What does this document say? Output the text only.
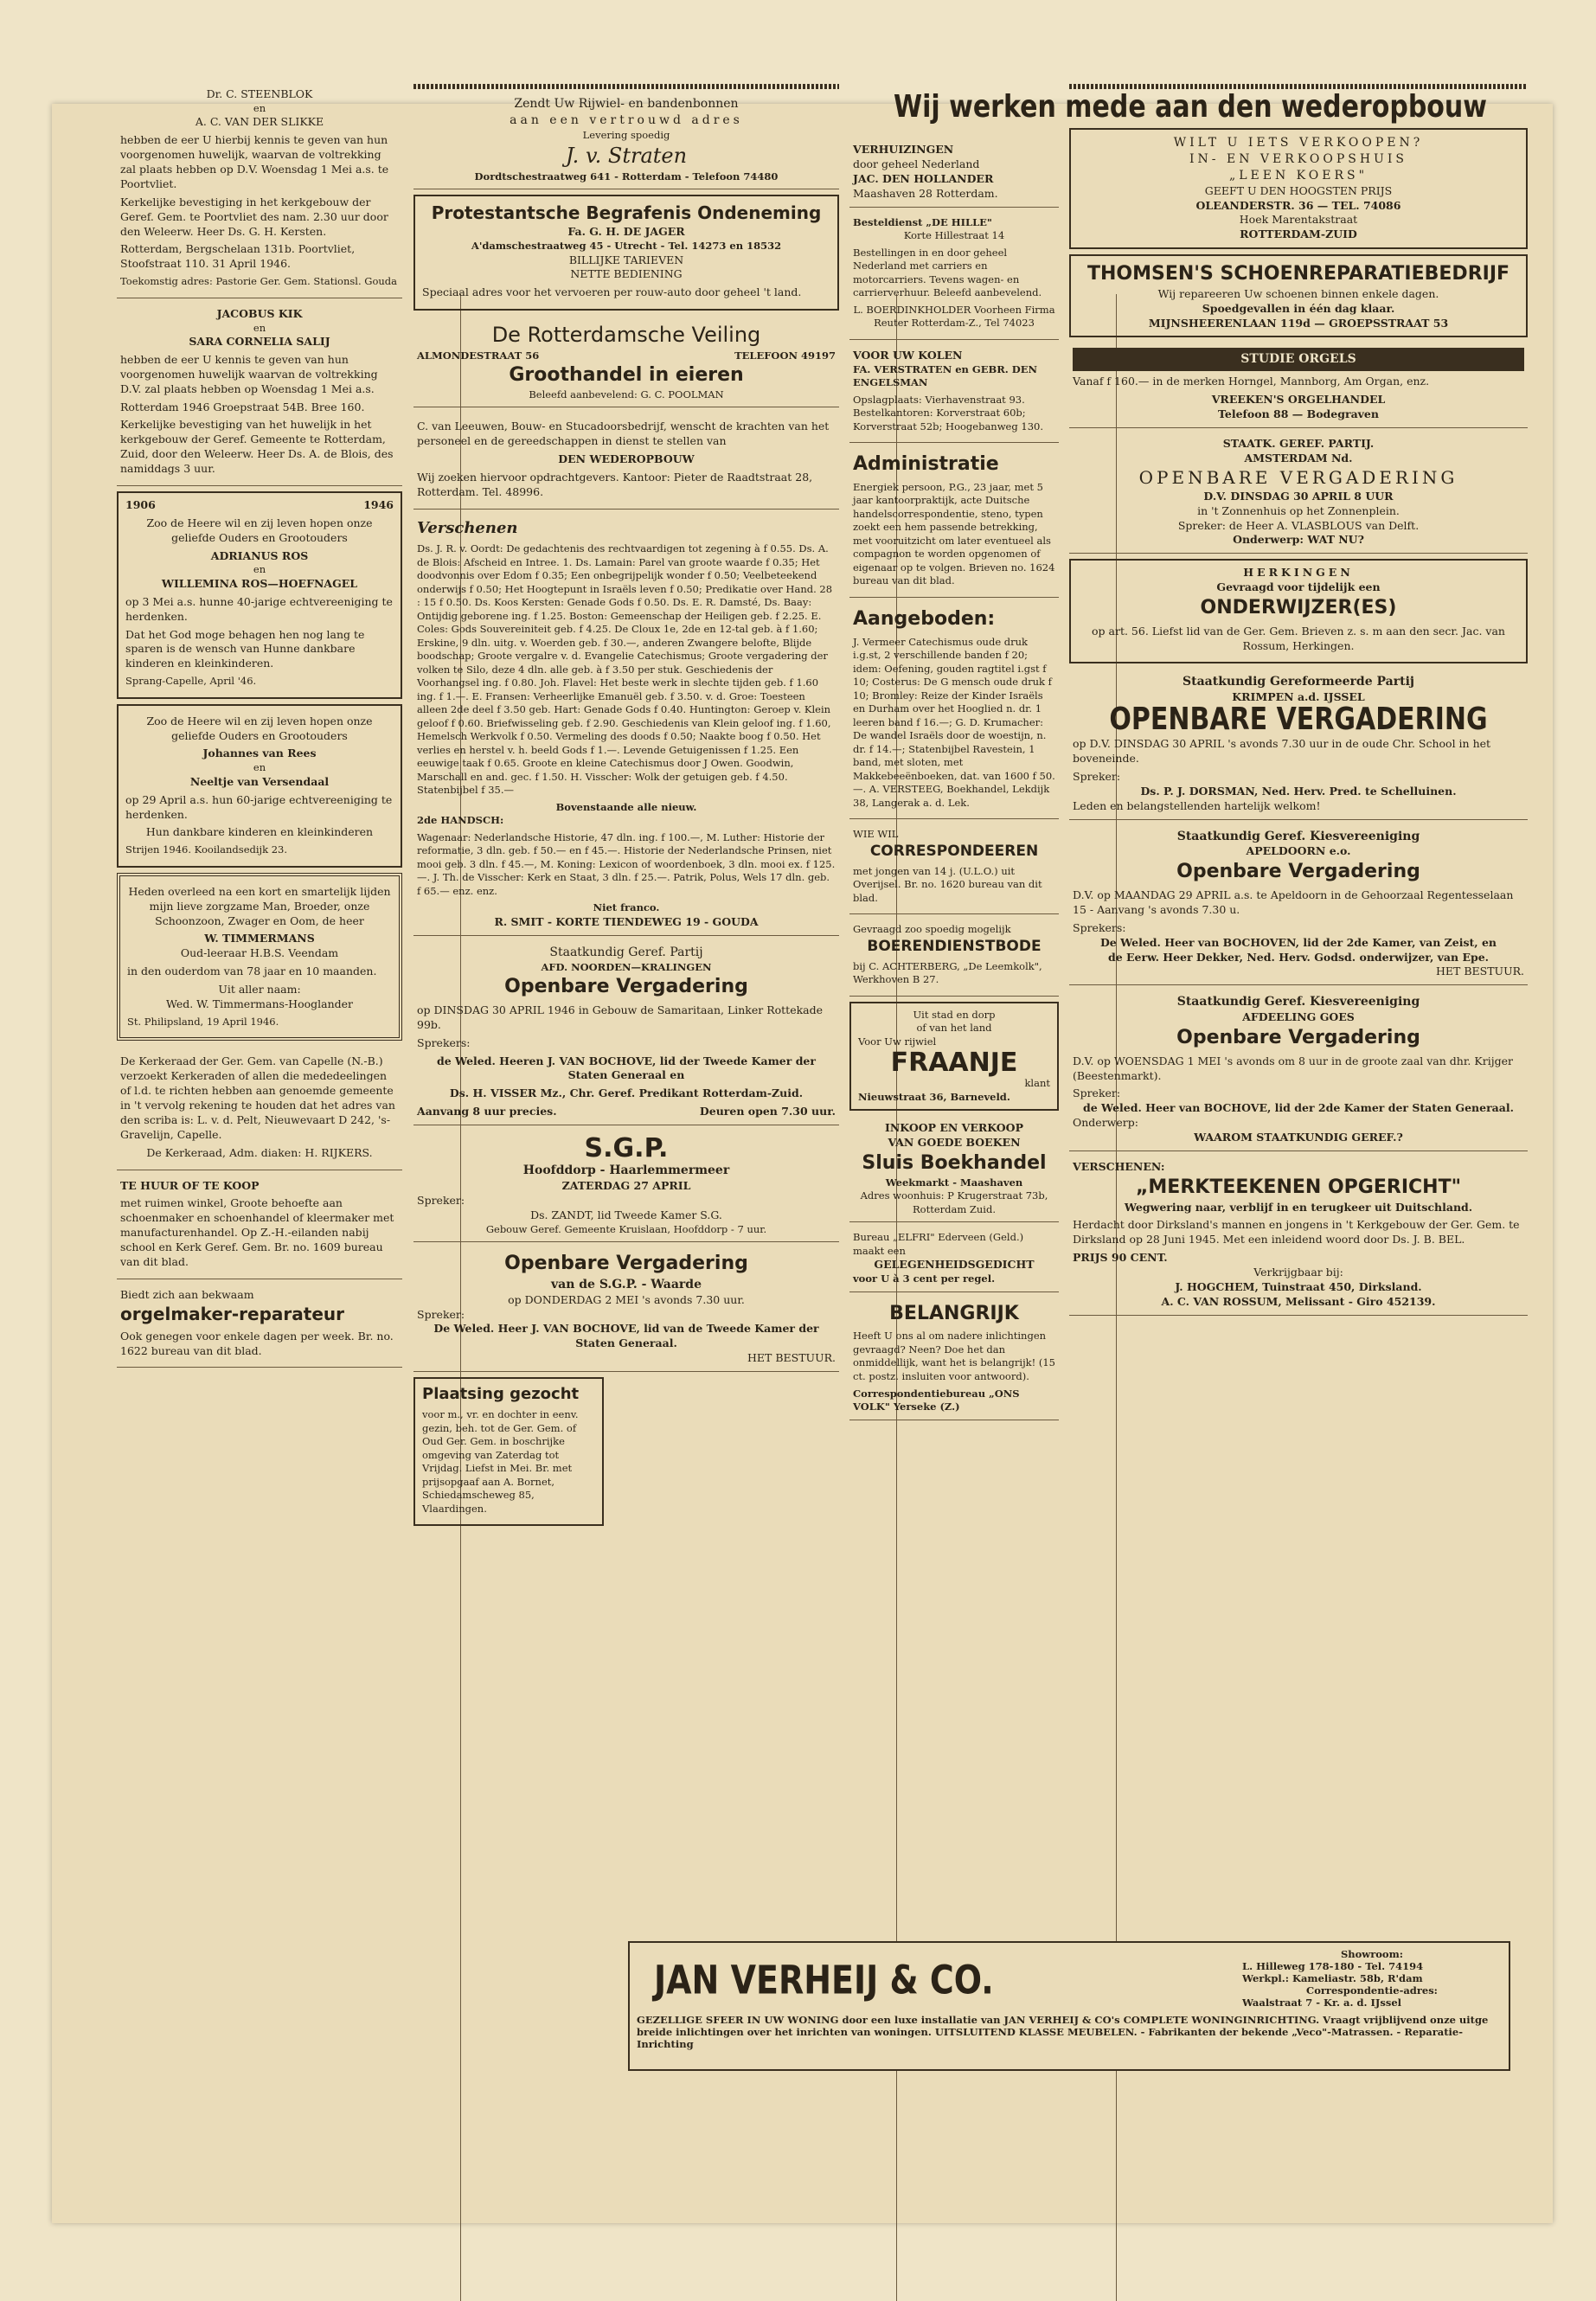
Dr. C. STEENBLOK
en
A. C. VAN DER SLIKKE

hebben de eer U hierbij kennis te geven van hun voorgenomen huwelijk, waarvan de voltrekking zal plaats hebben op D.V. Woensdag 1 Mei a.s. te Poortvliet.

Kerkelijke bevestiging in het kerkgebouw der Geref. Gem. te Poortvliet des nam. 2.30 uur door den Weleerw. Heer Ds. G. H. Kersten.

Rotterdam, Bergschelaan 131b. Poortvliet, Stoofstraat 110. 31 April 1946.

Toekomstig adres: Pastorie Ger. Gem. Stationsl. Gouda

JACOBUS KIK
en
SARA CORNELIA SALIJ

hebben de eer U kennis te geven van hun voorgenomen huwelijk waarvan de voltrekking D.V. zal plaats hebben op Woensdag 1 Mei a.s.

Rotterdam 1946 Groepstraat 54B. Bree 160.

Kerkelijke bevestiging van het huwelijk in het kerkgebouw der Geref. Gemeente te Rotterdam, Zuid, door den Weleerw. Heer Ds. A. de Blois, des namiddags 3 uur.

1906	1946

Zoo de Heere wil en zij leven hopen onze geliefde Ouders en Grootouders

ADRIANUS ROS
en
WILLEMINA ROS—HOEFNAGEL

op 3 Mei a.s. hunne 40-jarige echtvereeniging te herdenken.

Dat het God moge behagen hen nog lang te sparen is de wensch van Hunne dankbare kinderen en kleinkinderen.

Sprang-Capelle, April '46.

Zoo de Heere wil en zij leven hopen onze geliefde Ouders en Grootouders

Johannes van Rees
en
Neeltje van Versendaal

op 29 April a.s. hun 60-jarige echtvereeniging te herdenken.

Hun dankbare kinderen en kleinkinderen

Strijen 1946. Kooilandsedijk 23.

Heden overleed na een kort en smartelijk lijden mijn lieve zorgzame Man, Broeder, onze Schoonzoon, Zwager en Oom, de heer

W. TIMMERMANS
Oud-leeraar H.B.S. Veendam

in den ouderdom van 78 jaar en 10 maanden.

Uit aller naam:
Wed. W. Timmermans-Hooglander

St. Philipsland, 19 April 1946.

De Kerkeraad der Ger. Gem. van Capelle (N.-B.) verzoekt Kerkeraden of allen die mededeelingen of l.d. te richten hebben aan genoemde gemeente in 't vervolg rekening te houden dat het adres van den scriba is: L. v. d. Pelt, Nieuwevaart D 242, 's-Gravelijn, Capelle.

De Kerkeraad, Adm. diaken: H. RIJKERS.

TE HUUR OF TE KOOP

met ruimen winkel, Groote behoefte aan schoenmaker en schoenhandel of kleermaker met manufacturenhandel. Op Z.-H.-eilanden nabij school en Kerk Geref. Gem. Br. no. 1609 bureau van dit blad.

Biedt zich aan bekwaam
orgelmaker-reparateur

Ook genegen voor enkele dagen per week. Br. no. 1622 bureau van dit blad.

Zendt Uw Rijwiel- en bandenbonnen
aan een vertrouwd adres
Levering spoedig
J. v. Straten
Dordtschestraatweg 641 - Rotterdam - Telefoon 74480
Protestantsche Begrafenis Ondeneming
Fa. G. H. DE JAGER
A'damschestraatweg 45 - Utrecht - Tel. 14273 en 18532
BILLIJKE TARIEVEN
NETTE BEDIENING

Speciaal adres voor het vervoeren per rouw-auto door geheel 't land.

De Rotterdamsche Veiling
ALMONDESTRAAT 56	TELEFOON 49197
Groothandel in eieren
Beleefd aanbevelend: G. C. POOLMAN

C. van Leeuwen, Bouw- en Stucadoorsbedrijf, wenscht de krachten van het personeel en de gereedschappen in dienst te stellen van

DEN WEDEROPBOUW

Wij zoeken hiervoor opdrachtgevers. Kantoor: Pieter de Raadtstraat 28, Rotterdam. Tel. 48996.

Verschenen

Ds. J. R. v. Oordt: De gedachtenis des rechtvaardigen tot zegening à f 0.55. Ds. A. de Blois: Afscheid en Intree. 1. Ds. Lamain: Parel van groote waarde f 0.35; Het doodvonnis over Edom f 0.35; Een onbegrijpelijk wonder f 0.50; Veelbeteekend onderwijs f 0.50; Het Hoogtepunt in Israëls leven f 0.50; Predikatie over Hand. 28 : 15 f 0.50. Ds. Koos Kersten: Genade Gods f 0.50. Ds. E. R. Damsté, Ds. Baay: Ontijdig geborene ing. f 1.25. Boston: Gemeenschap der Heiligen geb. f 2.25. E. Coles: Gods Souvereiniteit geb. f 4.25. De Cloux 1e, 2de en 12-tal geb. à f 1.60; Erskine, 9 dln. uitg. v. Woerden geb. f 30.—, anderen Zwangere belofte, Blijde boodschap; Groote vergalre v. d. Evangelie Catechismus; Groote vergadering der volken te Silo, deze 4 dln. alle geb. à f 3.50 per stuk. Geschiedenis der Voorhangsel ing. f 0.80. Joh. Flavel: Het beste werk in slechte tijden geb. f 1.60 ing. f 1.—. E. Fransen: Verheerlijke Emanuël geb. f 3.50. v. d. Groe: Toesteen alleen 2de deel f 3.50 geb. Hart: Genade Gods f 0.40. Huntington: Geroep v. Klein geloof f 0.60. Briefwisseling geb. f 2.90. Geschiedenis van Klein geloof ing. f 1.60, Hemelsch Werkvolk f 0.50. Vermeling des doods f 0.50; Naakte boog f 0.50. Het verlies en herstel v. h. beeld Gods f 1.—. Levende Getuigenissen f 1.25. Een eeuwige taak f 0.65. Groote en kleine Catechismus door J Owen. Goodwin, Marschall en and. gec. f 1.50. H. Visscher: Wolk der getuigen geb. f 4.50. Statenbijbel f 35.—

Bovenstaande alle nieuw.
2de HANDSCH:

Wagenaar: Nederlandsche Historie, 47 dln. ing. f 100.—, M. Luther: Historie der reformatie, 3 dln. geb. f 50.— en f 45.—. Historie der Nederlandsche Prinsen, niet mooi geb. 3 dln. f 45.—, M. Koning: Lexicon of woordenboek, 3 dln. mooi ex. f 125.—. J. Th. de Visscher: Kerk en Staat, 3 dln. f 25.—. Patrik, Polus, Wels 17 dln. geb. f 65.— enz. enz.

Niet franco.
R. SMIT - KORTE TIENDEWEG 19 - GOUDA
Staatkundig Geref. Partij
AFD. NOORDEN—KRALINGEN
Openbare Vergadering

op DINSDAG 30 APRIL 1946 in Gebouw de Samaritaan, Linker Rottekade 99b.

Sprekers:

de Weled. Heeren J. VAN BOCHOVE, lid der Tweede Kamer der Staten Generaal en

Ds. H. VISSER Mz., Chr. Geref. Predikant Rotterdam-Zuid.

Aanvang 8 uur precies.	Deuren open 7.30 uur.
S.G.P.
Hoofddorp - Haarlemmermeer
ZATERDAG 27 APRIL
Spreker:
Ds. ZANDT, lid Tweede Kamer S.G.
Gebouw Geref. Gemeente Kruislaan, Hoofddorp - 7 uur.
Openbare Vergadering
van de S.G.P. - Waarde
op DONDERDAG 2 MEI 's avonds 7.30 uur.
Spreker:
De Weled. Heer J. VAN BOCHOVE, lid van de Tweede Kamer der Staten Generaal.
HET BESTUUR.
Plaatsing gezocht

voor m., vr. en dochter in eenv. gezin, beh. tot de Ger. Gem. of Oud Ger. Gem. in boschrijke omgeving van Zaterdag tot Vrijdag. Liefst in Mei. Br. met prijsopgaaf aan A. Bornet, Schiedamscheweg 85, Vlaardingen.

VERHUIZINGEN
door geheel Nederland
JAC. DEN HOLLANDER
Maashaven 28 Rotterdam.
Besteldienst „DE HILLE"
Korte Hillestraat 14

Bestellingen in en door geheel Nederland met carriers en motorcarriers. Tevens wagen- en carrierverhuur. Beleefd aanbevelend.

L. BOERDINKHOLDER Voorheen Firma Reuter Rotterdam-Z., Tel 74023

VOOR UW KOLEN
FA. VERSTRATEN en GEBR. DEN ENGELSMAN

Opslagplaats: Vierhavenstraat 93. Bestelkantoren: Korverstraat 60b; Korverstraat 52b; Hoogebanweg 130.

Administratie

Energiek persoon, P.G., 23 jaar, met 5 jaar kantoorpraktijk, acte Duitsche handelscorrespondentie, steno, typen zoekt een hem passende betrekking, met vooruitzicht om later eventueel als compagnon te worden opgenomen of eigenaar op te volgen. Brieven no. 1624 bureau van dit blad.

Aangeboden:

J. Vermeer Catechismus oude druk i.g.st, 2 verschillende banden f 20; idem: Oefening, gouden ragtitel i.gst f 10; Costerus: De G mensch oude druk f 10; Bromley: Reize der Kinder Israëls en Durham over het Hooglied n. dr. 1 leeren band f 16.—; G. D. Krumacher: De wandel Israëls door de woestijn, n. dr. f 14.—; Statenbijbel Ravestein, 1 band, met sloten, met Makkebeeënboeken, dat. van 1600 f 50.—. A. VERSTEEG, Boekhandel, Lekdijk 38, Langerak a. d. Lek.

WIE WIL
CORRESPONDEEREN

met jongen van 14 j. (U.L.O.) uit Overijsel. Br. no. 1620 bureau van dit blad.

Gevraagd zoo spoedig mogelijk
BOERENDIENSTBODE

bij C. ACHTERBERG, „De Leemkolk", Werkhoven B 27.

Uit stad en dorp
of van het land
Voor Uw rijwiel
FRAANJE
klant
Nieuwstraat 36, Barneveld.
INKOOP EN VERKOOP
VAN GOEDE BOEKEN
Sluis Boekhandel
Weekmarkt - Maashaven
Adres woonhuis: P Krugerstraat 73b, Rotterdam Zuid.
Bureau „ELFRI" Ederveen (Geld.) maakt een
GELEGENHEIDSGEDICHT
voor U à 3 cent per regel.
BELANGRIJK

Heeft U ons al om nadere inlichtingen gevraagd? Neen? Doe het dan onmiddellijk, want het is belangrijk! (15 ct. postz. insluiten voor antwoord).

Correspondentiebureau „ONS VOLK" Yerseke (Z.)
Wij werken mede aan den wederopbouw
WILT U IETS VERKOOPEN?
IN- EN VERKOOPSHUIS
„LEEN KOERS"
GEEFT U DEN HOOGSTEN PRIJS
OLEANDERSTR. 36 — TEL. 74086
Hoek Marentakstraat
ROTTERDAM-ZUID
THOMSEN'S SCHOENREPARATIEBEDRIJF
Wij repareeren Uw schoenen binnen enkele dagen.
Spoedgevallen in één dag klaar.
MIJNSHEERENLAAN 119d — GROEPSSTRAAT 53
STUDIE ORGELS

Vanaf f 160.— in de merken Horngel, Mannborg, Am Organ, enz.

VREEKEN'S ORGELHANDEL
Telefoon 88 — Bodegraven
STAATK. GEREF. PARTIJ.
AMSTERDAM Nd.
OPENBARE VERGADERING
D.V. DINSDAG 30 APRIL 8 UUR
in 't Zonnenhuis op het Zonnenplein.
Spreker: de Heer A. VLASBLOUS van Delft.
Onderwerp: WAT NU?
HERKINGEN
Gevraagd voor tijdelijk een
ONDERWIJZER(ES)

op art. 56. Liefst lid van de Ger. Gem. Brieven z. s. m aan den secr. Jac. van Rossum, Herkingen.

Staatkundig Gereformeerde Partij
KRIMPEN a.d. IJSSEL
OPENBARE VERGADERING

op D.V. DINSDAG 30 APRIL 's avonds 7.30 uur in de oude Chr. School in het boveneinde.

Spreker:
Ds. P. J. DORSMAN, Ned. Herv. Pred. te Schelluinen.
Leden en belangstellenden hartelijk welkom!
Staatkundig Geref. Kiesvereeniging
APELDOORN e.o.
Openbare Vergadering

D.V. op MAANDAG 29 APRIL a.s. te Apeldoorn in de Gehoorzaal Regentesselaan 15 - Aanvang 's avonds 7.30 u.

Sprekers:
De Weled. Heer van BOCHOVEN, lid der 2de Kamer, van Zeist, en
de Eerw. Heer Dekker, Ned. Herv. Godsd. onderwijzer, van Epe.
HET BESTUUR.
Staatkundig Geref. Kiesvereeniging
AFDEELING GOES
Openbare Vergadering

D.V. op WOENSDAG 1 MEI 's avonds om 8 uur in de groote zaal van dhr. Krijger (Beestenmarkt).

Spreker:
de Weled. Heer van BOCHOVE, lid der 2de Kamer der Staten Generaal.
Onderwerp:
WAAROM STAATKUNDIG GEREF.?
VERSCHENEN:
„MERKTEEKENEN OPGERICHT"
Wegwering naar, verblijf in en terugkeer uit Duitschland.

Herdacht door Dirksland's mannen en jongens in 't Kerkgebouw der Ger. Gem. te Dirksland op 28 Juni 1945. Met een inleidend woord door Ds. J. B. BEL.

PRIJS 90 CENT.
Verkrijgbaar bij:
J. HOGCHEM, Tuinstraat 450, Dirksland.
A. C. VAN ROSSUM, Melissant - Giro 452139.
JAN VERHEIJ & CO.
Showroom:
L. Hilleweg 178-180 - Tel. 74194
Werkpl.: Kameliastr. 58b, R'dam
Correspondentie-adres:
Waalstraat 7 - Kr. a. d. IJssel
GEZELLIGE SFEER IN UW WONING door een luxe installatie van JAN VERHEIJ & CO's COMPLETE WONINGINRICHTING. Vraagt vrijblijvend onze uitge breide inlichtingen over het inrichten van woningen. UITSLUITEND KLASSE MEUBELEN. - Fabrikanten der bekende „Veco"-Matrassen. - Reparatie-Inrichting
